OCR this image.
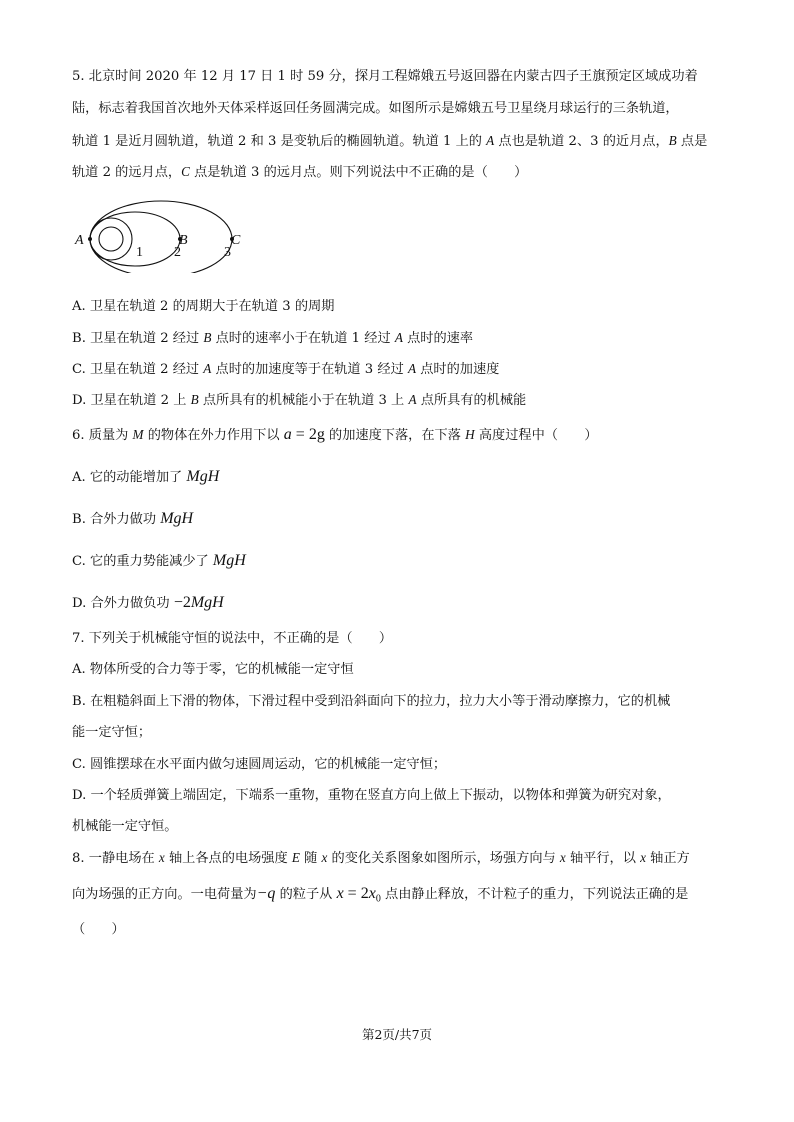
5. 北京时间 2020 年 12 月 17 日 1 时 59 分，探月工程嫦娥五号返回器在内蒙古四子王旗预定区域成功着
陆，标志着我国首次地外天体采样返回任务圆满完成。如图所示是嫦娥五号卫星绕月球运行的三条轨道，
轨道 1 是近月圆轨道，轨道 2 和 3 是变轨后的椭圆轨道。轨道 1 上的 A 点也是轨道 2、3 的近月点，B 点是
轨道 2 的远月点，C 点是轨道 3 的远月点。则下列说法中不正确的是（　　）
A	B	C
1 2	3
A. 卫星在轨道 2 的周期大于在轨道 3 的周期
B. 卫星在轨道 2 经过 B 点时的速率小于在轨道 1 经过 A 点时的速率
C. 卫星在轨道 2 经过 A 点时的加速度等于在轨道 3 经过 A 点时的加速度
D. 卫星在轨道 2 上 B 点所具有的机械能小于在轨道 3 上 A 点所具有的机械能
6. 质量为 M 的物体在外力作用下以 a = 2g 的加速度下落，在下落 H 高度过程中（　　）
A. 它的动能增加了 MgH
B. 合外力做功 MgH
C. 它的重力势能减少了 MgH
D. 合外力做负功 −2MgH
7. 下列关于机械能守恒的说法中，不正确的是（　　）
A. 物体所受的合力等于零，它的机械能一定守恒
B. 在粗糙斜面上下滑的物体，下滑过程中受到沿斜面向下的拉力，拉力大小等于滑动摩擦力，它的机械
能一定守恒；
C. 圆锥摆球在水平面内做匀速圆周运动，它的机械能一定守恒；
D. 一个轻质弹簧上端固定，下端系一重物，重物在竖直方向上做上下振动，以物体和弹簧为研究对象，
机械能一定守恒。
8. 一静电场在 x 轴上各点的电场强度 E 随 x 的变化关系图象如图所示，场强方向与 x 轴平行，以 x 轴正方
向为场强的正方向。一电荷量为−q 的粒子从 $x = 2x_0$ 点由静止释放，不计粒子的重力，下列说法正确的是
（　　）
第2页/共7页
